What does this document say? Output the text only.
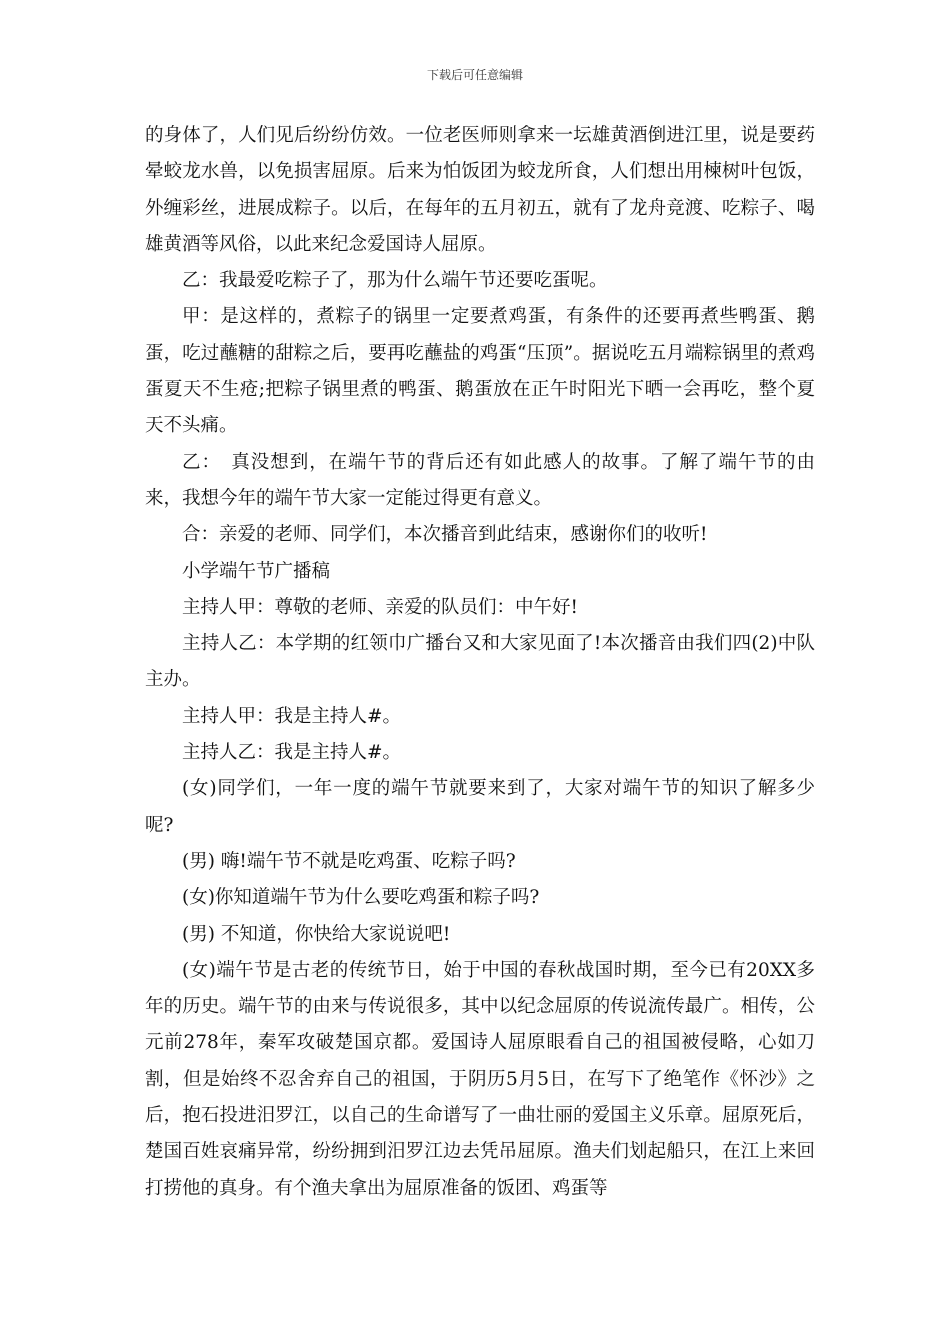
下载后可任意编辑

的身体了，人们见后纷纷仿效。一位老医师则拿来一坛雄黄酒倒进江里，说是要药晕蛟龙水兽，以免损害屈原。后来为怕饭团为蛟龙所食，人们想出用楝树叶包饭，外缠彩丝，进展成粽子。以后，在每年的五月初五，就有了龙舟竞渡、吃粽子、喝雄黄酒等风俗，以此来纪念爱国诗人屈原。

乙：我最爱吃粽子了，那为什么端午节还要吃蛋呢。

甲：是这样的，煮粽子的锅里一定要煮鸡蛋，有条件的还要再煮些鸭蛋、鹅蛋，吃过蘸糖的甜粽之后，要再吃蘸盐的鸡蛋“压顶”。据说吃五月端粽锅里的煮鸡蛋夏天不生疮;把粽子锅里煮的鸭蛋、鹅蛋放在正午时阳光下晒一会再吃，整个夏天不头痛。

乙：　真没想到，在端午节的背后还有如此感人的故事。了解了端午节的由来，我想今年的端午节大家一定能过得更有意义。

合：亲爱的老师、同学们，本次播音到此结束，感谢你们的收听!

小学端午节广播稿

主持人甲：尊敬的老师、亲爱的队员们：中午好!

主持人乙：本学期的红领巾广播台又和大家见面了!本次播音由我们四(2)中队主办。

主持人甲：我是主持人#。

主持人乙：我是主持人#。

(女)同学们，一年一度的端午节就要来到了，大家对端午节的知识了解多少呢?

(男) 嗨!端午节不就是吃鸡蛋、吃粽子吗?

(女)你知道端午节为什么要吃鸡蛋和粽子吗?

(男) 不知道，你快给大家说说吧!

(女)端午节是古老的传统节日，始于中国的春秋战国时期，至今已有20XX多年的历史。端午节的由来与传说很多，其中以纪念屈原的传说流传最广。相传，公元前278年，秦军攻破楚国京都。爱国诗人屈原眼看自己的祖国被侵略，心如刀割，但是始终不忍舍弃自己的祖国，于阴历5月5日，在写下了绝笔作《怀沙》之后，抱石投进汨罗江，以自己的生命谱写了一曲壮丽的爱国主义乐章。屈原死后，楚国百姓哀痛异常，纷纷拥到汨罗江边去凭吊屈原。渔夫们划起船只，在江上来回打捞他的真身。有个渔夫拿出为屈原准备的饭团、鸡蛋等
